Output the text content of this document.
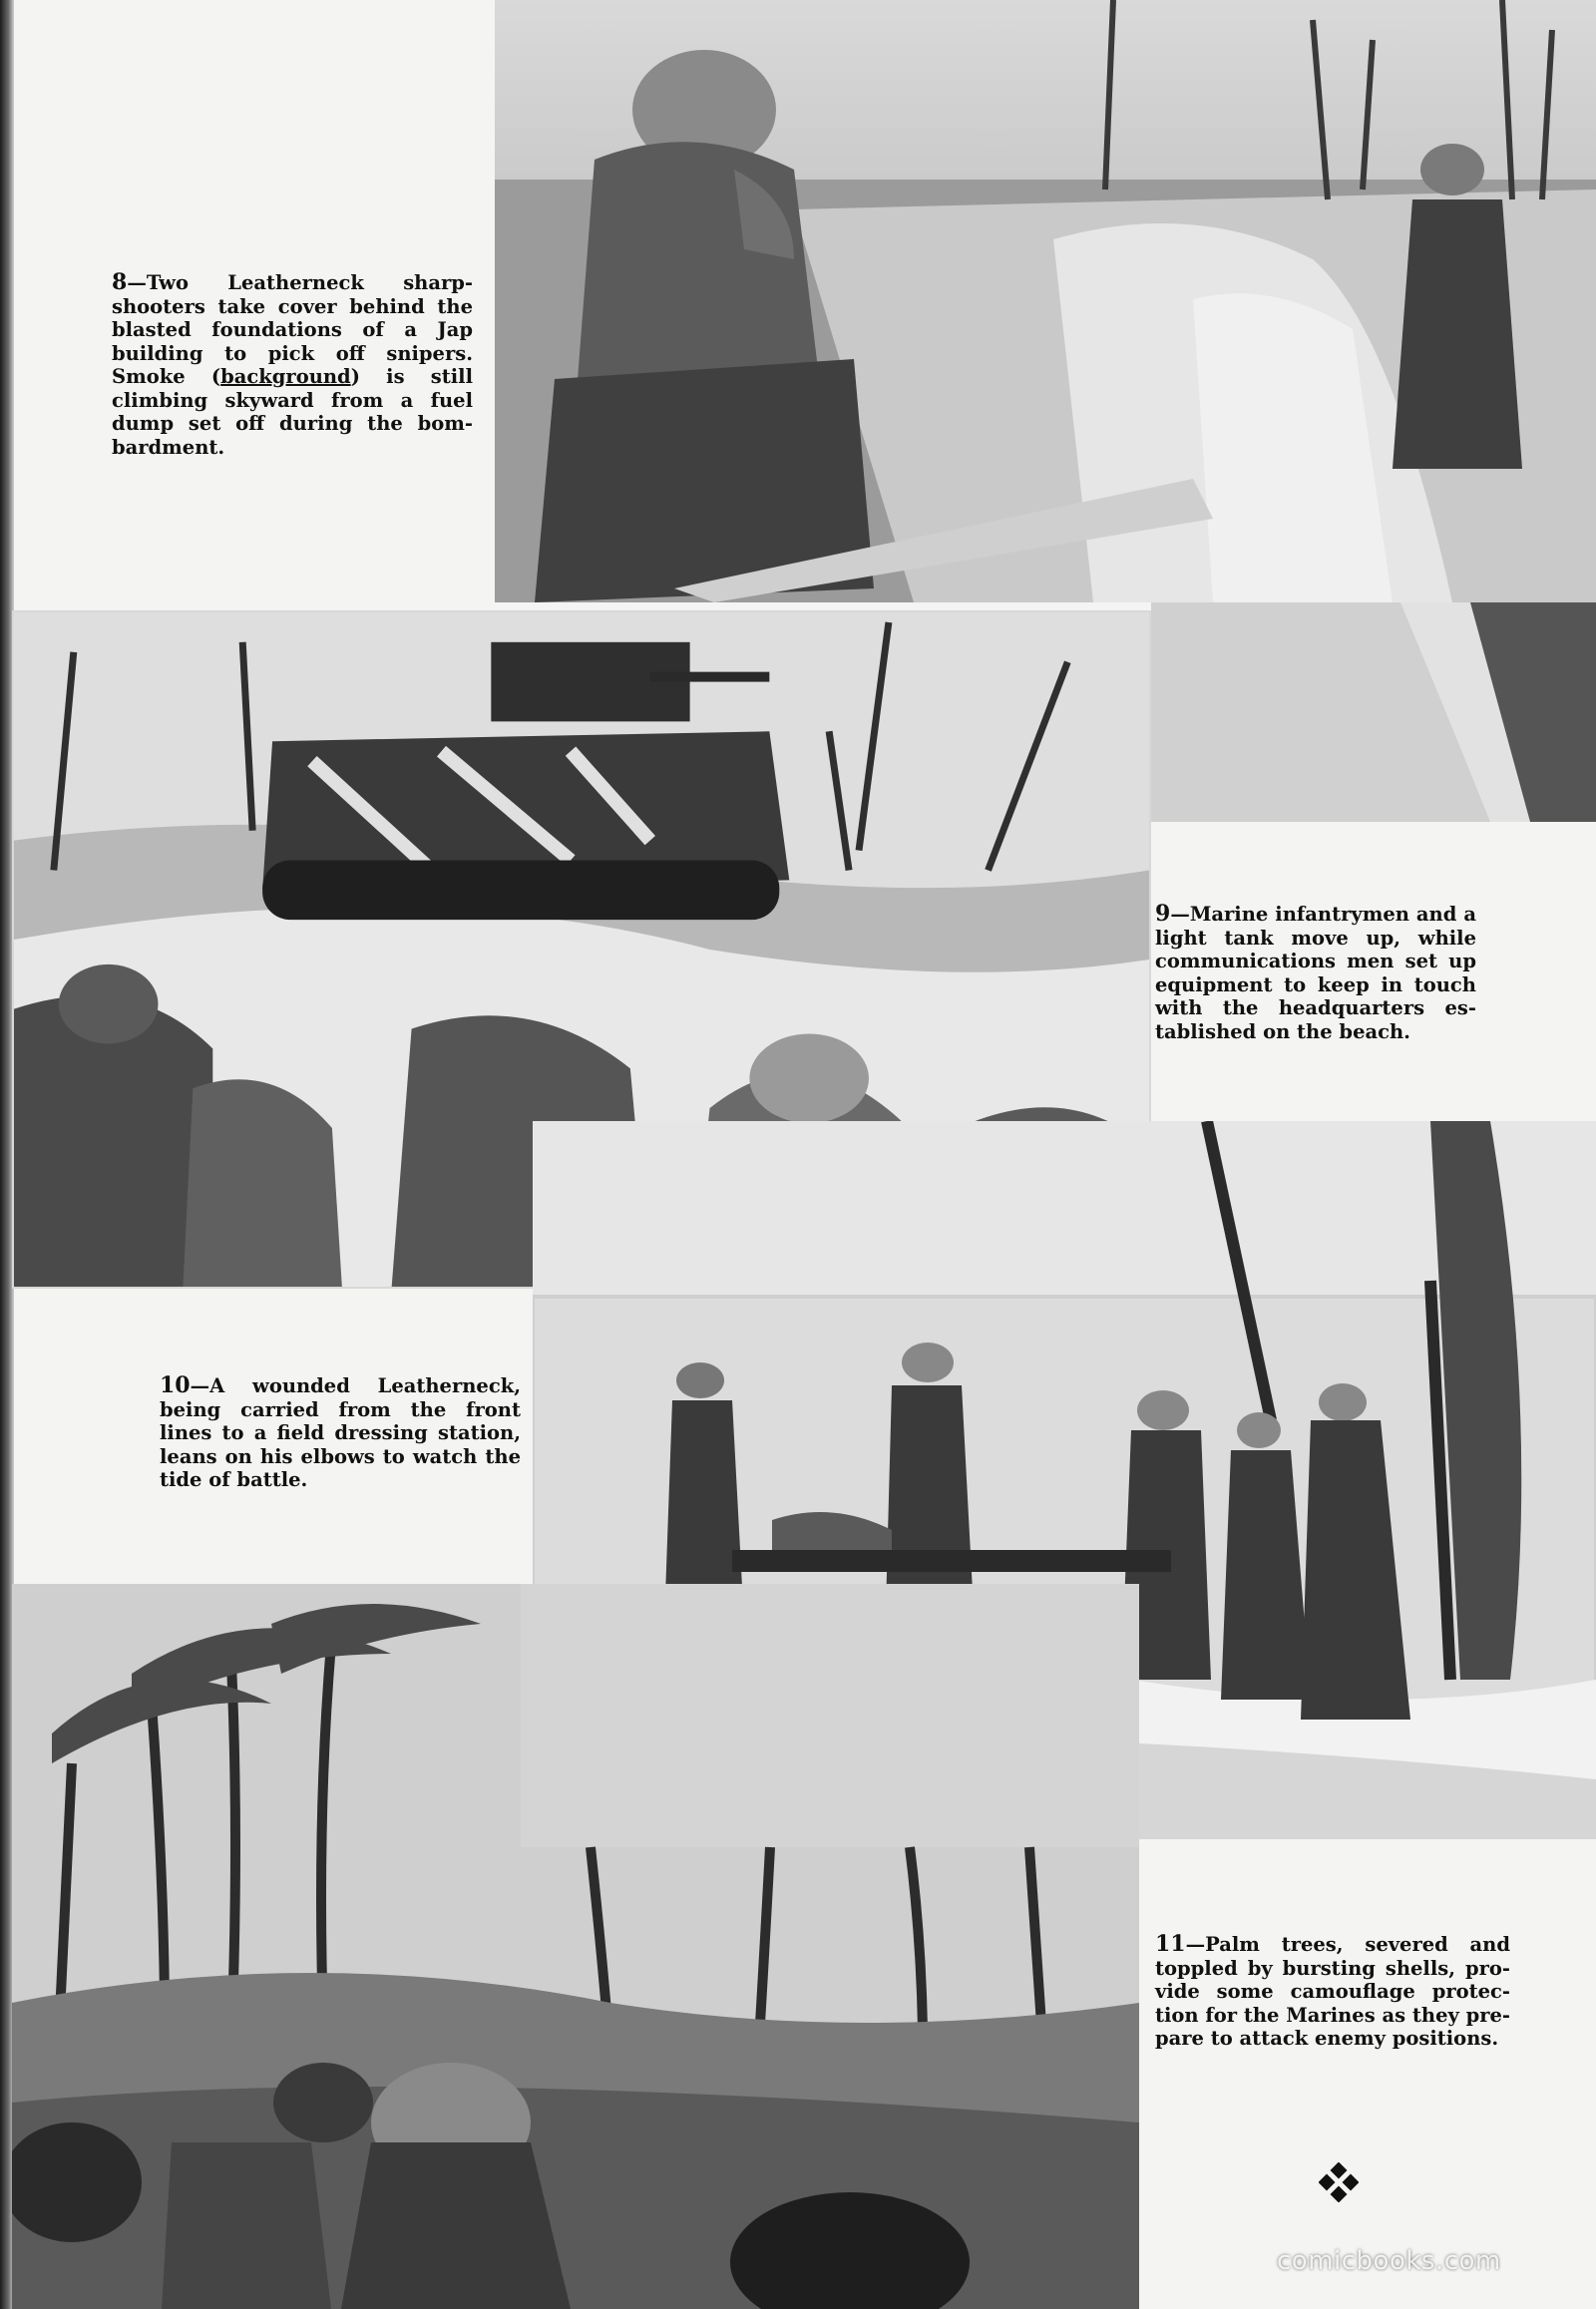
8—Two Leatherneck sharp-shooters take cover behind the blasted foundations of a Jap building to pick off snipers. Smoke (background) is still climbing skyward from a fuel dump set off during the bom-bardment.
9—Marine infantrymen and a light tank move up, while communications men set up equipment to keep in touch with the headquarters es-tablished on the beach.
10—A wounded Leatherneck, being carried from the front lines to a field dressing station, leans on his elbows to watch the tide of battle.
11—Palm trees, severed and toppled by bursting shells, pro-vide some camouflage protec-tion for the Marines as they pre-pare to attack enemy positions.
comicbooks.com
